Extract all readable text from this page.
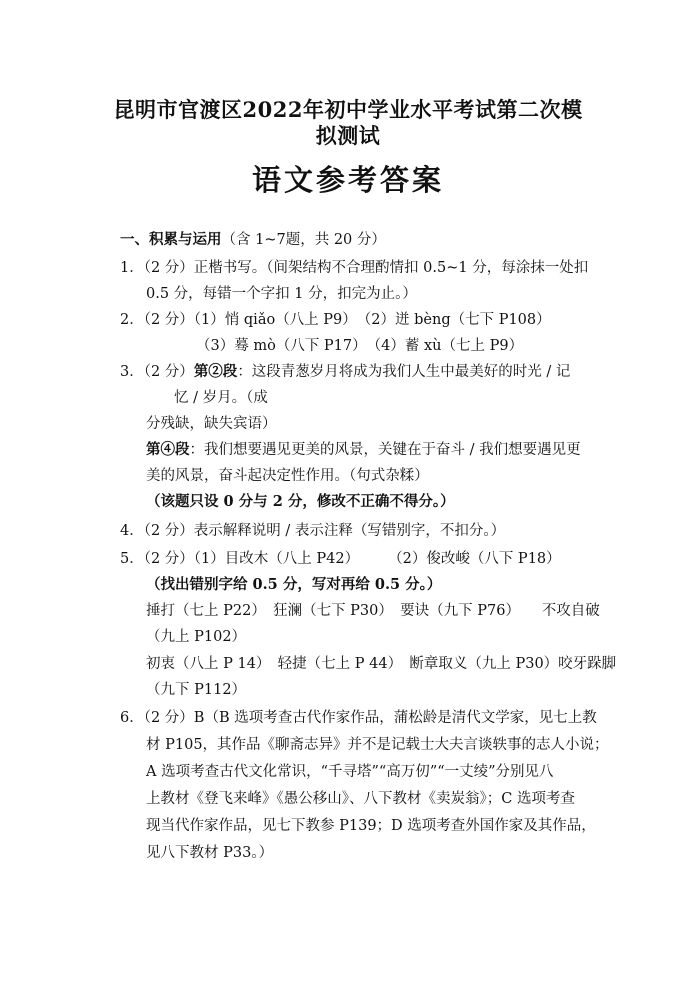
昆明市官渡区2022年初中学业水平考试第二次模
拟测试
语文参考答案
一、积累与运用（含 1~7题，共 20 分）
1．（2 分）正楷书写。（间架结构不合理酌情扣 0.5~1 分，每涂抹一处扣
0.5 分，每错一个字扣 1 分，扣完为止。）
2．（2 分）（1）悄 qiǎo（八上 P9）　（2）迸 bèng（七下 P108）
（3）蓦 mò（八下 P17）　（4）蓄 xù（七上 P9）
3．（2 分）第②段：这段青葱岁月将成为我们人生中最美好的时光 / 记
忆 / 岁月。（成
分残缺，缺失宾语）
第④段：我们想要遇见更美的风景，关键在于奋斗 / 我们想要遇见更
美的风景，奋斗起决定性作用。（句式杂糅）
（该题只设 0 分与 2 分，修改不正确不得分。）
4．（2 分）表示解释说明 / 表示注释（写错别字，不扣分。）
5．（2 分）（1）目改木（八上 P42）　　　（2）俊改峻（八下 P18）
（找出错别字给 0.5 分，写对再给 0.5 分。）
捶打（七上 P22）　狂澜（七下 P30）　要诀（九下 P76）　　不攻自破
（九上 P102）
初衷（八上 P 14）　轻捷（七上 P 44）　断章取义（九上 P30）咬牙跺脚
（九下 P112）
6．（2 分）B（B 选项考查古代作家作品，蒲松龄是清代文学家，见七上教
材 P105，其作品《聊斋志异》并不是记载士大夫言谈轶事的志人小说；
A 选项考查古代文化常识，“千寻塔”“高万仞”“一丈绫”分别见八
上教材《登飞来峰》《愚公移山》、八下教材《卖炭翁》；C 选项考查
现当代作家作品，见七下教参 P139；D 选项考查外国作家及其作品，
见八下教材 P33。）
